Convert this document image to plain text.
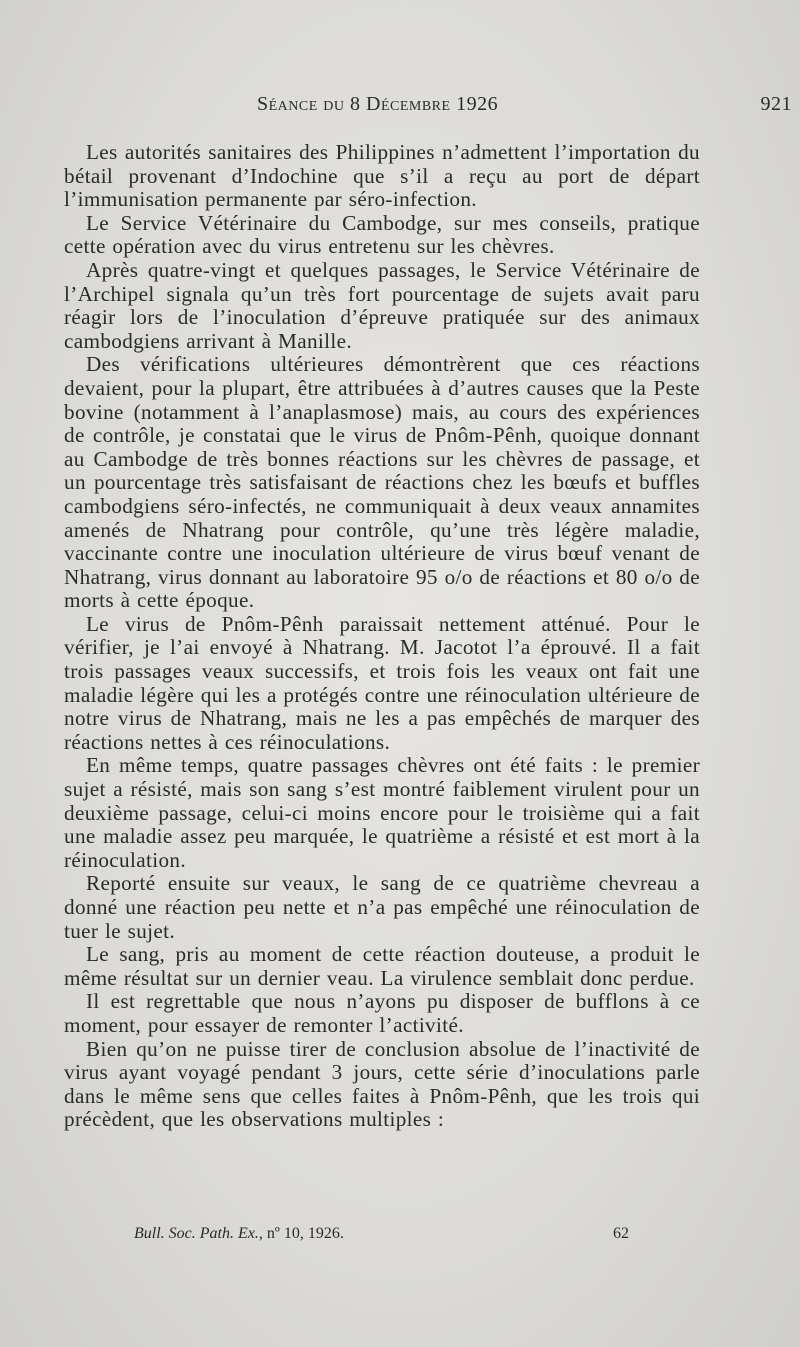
Séance du 8 Décembre 1926	921

Les autorités sanitaires des Philippines n’admettent l’importation du bétail provenant d’Indochine que s’il a reçu au port de départ l’immunisation permanente par séro-infection.

Le Service Vétérinaire du Cambodge, sur mes conseils, pratique cette opération avec du virus entretenu sur les chèvres.

Après quatre-vingt et quelques passages, le Service Vétérinaire de l’Archipel signala qu’un très fort pourcentage de sujets avait paru réagir lors de l’inoculation d’épreuve pratiquée sur des animaux cambodgiens arrivant à Manille.

Des vérifications ultérieures démontrèrent que ces réactions devaient, pour la plupart, être attribuées à d’autres causes que la Peste bovine (notamment à l’anaplasmose) mais, au cours des expériences de contrôle, je constatai que le virus de Pnôm-Pênh, quoique donnant au Cambodge de très bonnes réactions sur les chèvres de passage, et un pourcentage très satisfaisant de réactions chez les bœufs et buffles cambodgiens séro-infectés, ne communiquait à deux veaux annamites amenés de Nhatrang pour contrôle, qu’une très légère maladie, vaccinante contre une inoculation ultérieure de virus bœuf venant de Nhatrang, virus donnant au laboratoire 95 o/o de réactions et 80 o/o de morts à cette époque.

Le virus de Pnôm-Pênh paraissait nettement atténué. Pour le vérifier, je l’ai envoyé à Nhatrang. M. Jacotot l’a éprouvé. Il a fait trois passages veaux successifs, et trois fois les veaux ont fait une maladie légère qui les a protégés contre une réinoculation ultérieure de notre virus de Nhatrang, mais ne les a pas empêchés de marquer des réactions nettes à ces réinoculations.

En même temps, quatre passages chèvres ont été faits : le premier sujet a résisté, mais son sang s’est montré faiblement virulent pour un deuxième passage, celui-ci moins encore pour le troisième qui a fait une maladie assez peu marquée, le quatrième a résisté et est mort à la réinoculation.

Reporté ensuite sur veaux, le sang de ce quatrième chevreau a donné une réaction peu nette et n’a pas empêché une réinoculation de tuer le sujet.

Le sang, pris au moment de cette réaction douteuse, a produit le même résultat sur un dernier veau. La virulence semblait donc perdue.

Il est regrettable que nous n’ayons pu disposer de bufflons à ce moment, pour essayer de remonter l’activité.

Bien qu’on ne puisse tirer de conclusion absolue de l’inactivité de virus ayant voyagé pendant 3 jours, cette série d’inoculations parle dans le même sens que celles faites à Pnôm-Pênh, que les trois qui précèdent, que les observations multiples :

Bull. Soc. Path. Ex., nº 10, 1926.	62
